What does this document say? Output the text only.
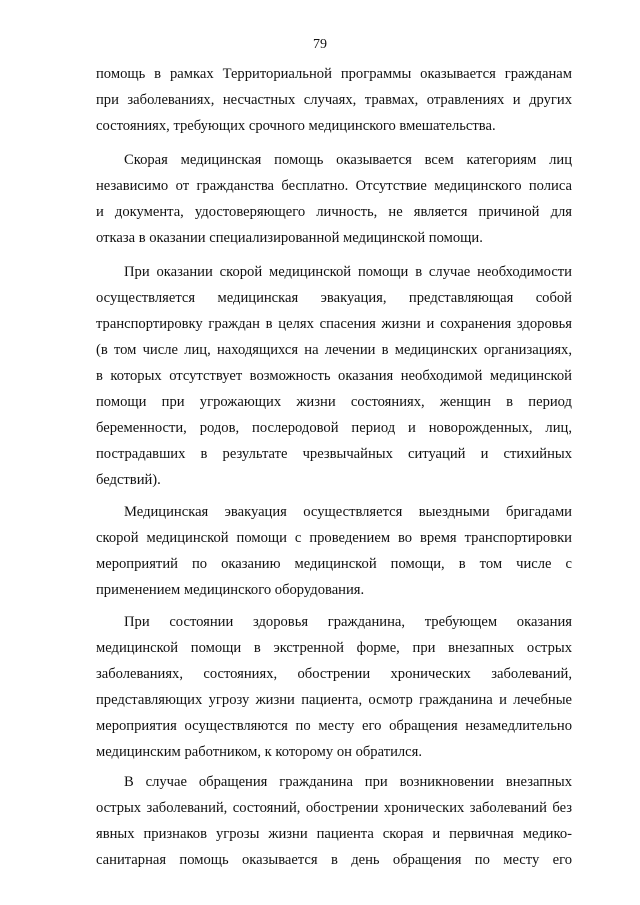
79
помощь в рамках Территориальной программы оказывается гражданам
при заболеваниях, несчастных случаях, травмах, отравлениях и других
состояниях, требующих срочного медицинского вмешательства.
Скорая медицинская помощь оказывается всем категориям лиц
независимо от гражданства бесплатно. Отсутствие медицинского полиса
и документа, удостоверяющего личность, не является причиной для
отказа в оказании специализированной медицинской помощи.
При оказании скорой медицинской помощи в случае необходимости
осуществляется медицинская эвакуация, представляющая собой
транспортировку граждан в целях спасения жизни и сохранения здоровья
(в том числе лиц, находящихся на лечении в медицинских организациях,
в которых отсутствует возможность оказания необходимой медицинской
помощи при угрожающих жизни состояниях, женщин в период
беременности, родов, послеродовой период и новорожденных, лиц,
пострадавших в результате чрезвычайных ситуаций и стихийных
бедствий).
Медицинская эвакуация осуществляется выездными бригадами
скорой медицинской помощи с проведением во время транспортировки
мероприятий по оказанию медицинской помощи, в том числе с
применением медицинского оборудования.
При состоянии здоровья гражданина, требующем оказания
медицинской помощи в экстренной форме, при внезапных острых
заболеваниях, состояниях, обострении хронических заболеваний,
представляющих угрозу жизни пациента, осмотр гражданина и лечебные
мероприятия осуществляются по месту его обращения незамедлительно
медицинским работником, к которому он обратился.
В случае обращения гражданина при возникновении внезапных
острых заболеваний, состояний, обострении хронических заболеваний без
явных признаков угрозы жизни пациента скорая и первичная медико-
санитарная помощь оказывается в день обращения по месту его
